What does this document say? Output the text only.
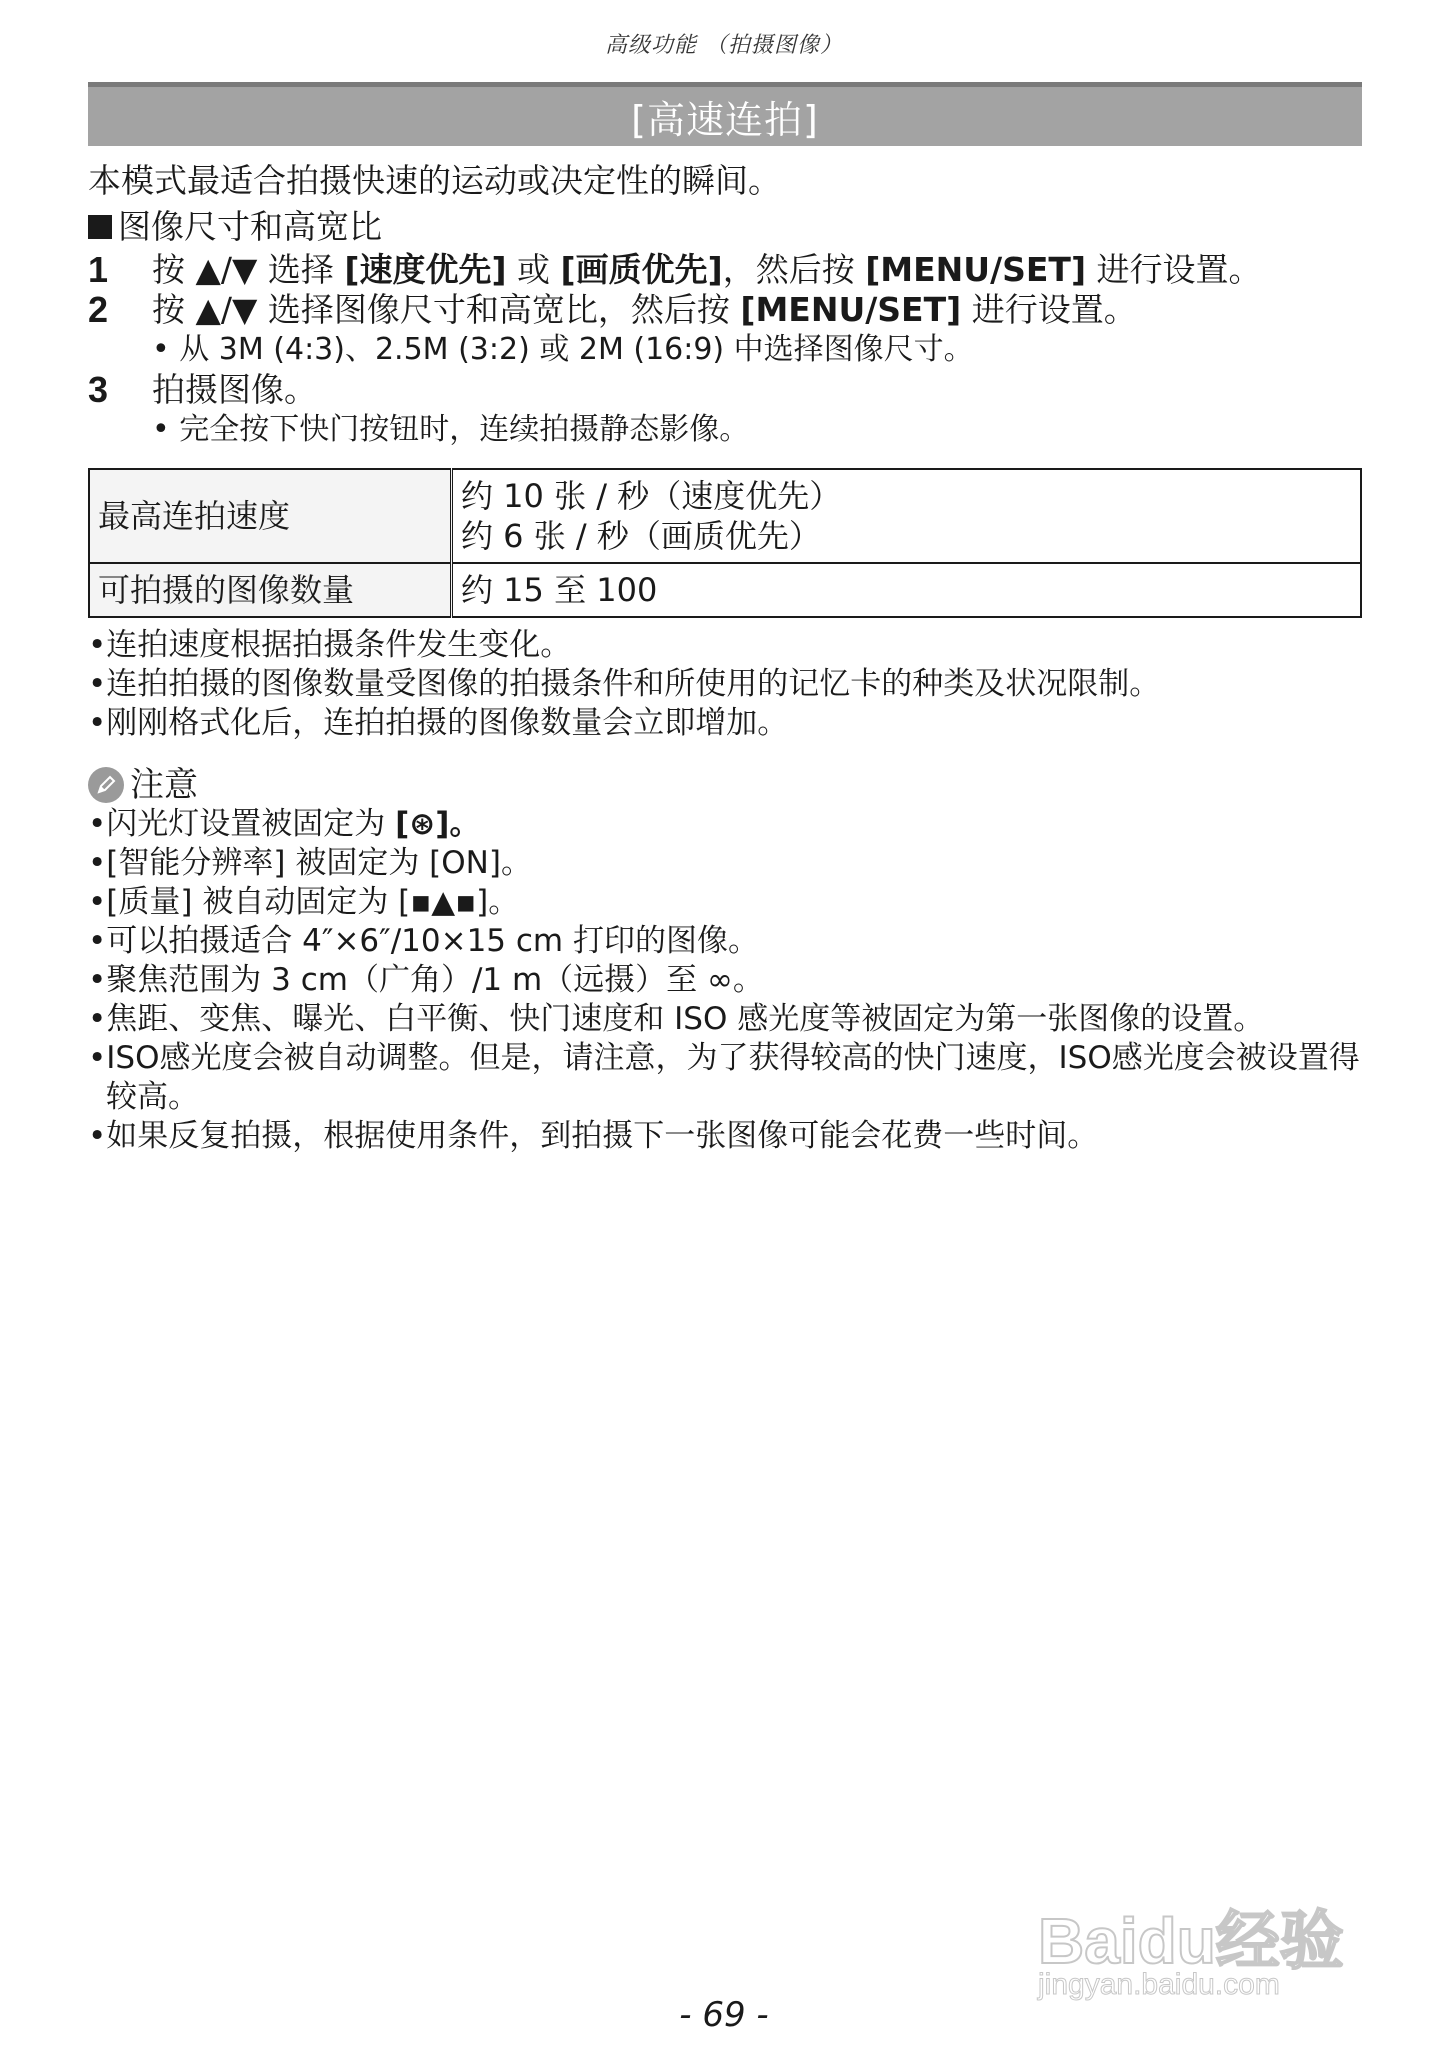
高级功能 （拍摄图像）
[高速连拍]

本模式最适合拍摄快速的运动或决定性的瞬间。

图像尺寸和高宽比

1	按 ▲/▼ 选择 [速度优先] 或 [画质优先]，然后按 [MENU/SET] 进行设置。
2	按 ▲/▼ 选择图像尺寸和高宽比，然后按 [MENU/SET] 进行设置。

• 从 3M (4:3)、2.5M (3:2) 或 2M (16:9) 中选择图像尺寸。

3	拍摄图像。

• 完全按下快门按钮时，连续拍摄静态影像。

最高连拍速度	约 10 张 / 秒（速度优先）
约 6 张 / 秒（画质优先）

可拍摄的图像数量	约 15 至 100

•连拍速度根据拍摄条件发生变化。

•连拍拍摄的图像数量受图像的拍摄条件和所使用的记忆卡的种类及状况限制。

•刚刚格式化后，连拍拍摄的图像数量会立即增加。

注意

•闪光灯设置被固定为 [⊛]。

•[智能分辨率] 被固定为 [ON]。

•[质量] 被自动固定为 [▪▲▪]。

•可以拍摄适合 4″×6″/10×15 cm 打印的图像。

•聚焦范围为 3 cm（广角）/1 m（远摄）至 ∞。

•焦距、变焦、曝光、白平衡、快门速度和 ISO 感光度等被固定为第一张图像的设置。

•ISO感光度会被自动调整。但是，请注意，为了获得较高的快门速度，ISO感光度会被设置得较高。

•如果反复拍摄，根据使用条件，到拍摄下一张图像可能会花费一些时间。

Baidu经验
jingyan.baidu.com
- 69 -
